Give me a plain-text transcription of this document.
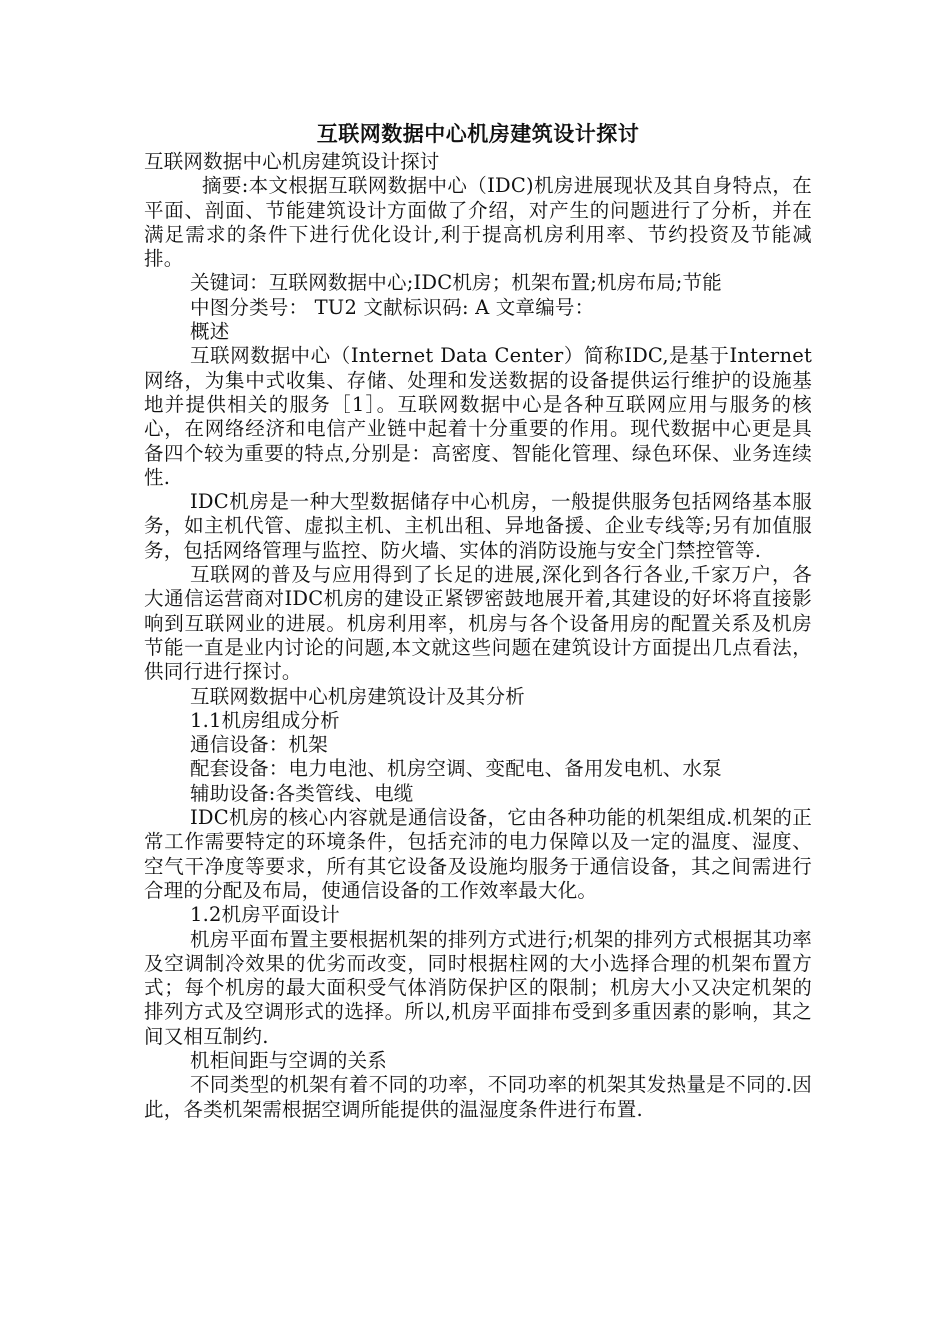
互联网数据中心机房建筑设计探讨

互联网数据中心机房建筑设计探讨

摘要:本文根据互联网数据中心（IDC)机房进展现状及其自身特点，在平面、剖面、节能建筑设计方面做了介绍，对产生的问题进行了分析，并在满足需求的条件下进行优化设计,利于提高机房利用率、节约投资及节能减排。

关键词：互联网数据中心;IDC机房；机架布置;机房布局;节能

中图分类号： TU2 文献标识码: A 文章编号：

概述

互联网数据中心（Internet Data Center）简称IDC,是基于Internet网络，为集中式收集、存储、处理和发送数据的设备提供运行维护的设施基地并提供相关的服务［1］。互联网数据中心是各种互联网应用与服务的核心，在网络经济和电信产业链中起着十分重要的作用。现代数据中心更是具备四个较为重要的特点,分别是：高密度、智能化管理、绿色环保、业务连续性.

IDC机房是一种大型数据储存中心机房，一般提供服务包括网络基本服务，如主机代管、虚拟主机、主机出租、异地备援、企业专线等;另有加值服务，包括网络管理与监控、防火墙、实体的消防设施与安全门禁控管等.

互联网的普及与应用得到了长足的进展,深化到各行各业,千家万户，各大通信运营商对IDC机房的建设正紧锣密鼓地展开着,其建设的好坏将直接影响到互联网业的进展。机房利用率，机房与各个设备用房的配置关系及机房节能一直是业内讨论的问题,本文就这些问题在建筑设计方面提出几点看法，供同行进行探讨。

互联网数据中心机房建筑设计及其分析

1.1机房组成分析

通信设备：机架

配套设备：电力电池、机房空调、变配电、备用发电机、水泵

辅助设备:各类管线、电缆

IDC机房的核心内容就是通信设备，它由各种功能的机架组成.机架的正常工作需要特定的环境条件，包括充沛的电力保障以及一定的温度、湿度、空气干净度等要求，所有其它设备及设施均服务于通信设备，其之间需进行合理的分配及布局，使通信设备的工作效率最大化。

1.2机房平面设计

机房平面布置主要根据机架的排列方式进行;机架的排列方式根据其功率及空调制冷效果的优劣而改变，同时根据柱网的大小选择合理的机架布置方式；每个机房的最大面积受气体消防保护区的限制；机房大小又决定机架的排列方式及空调形式的选择。所以,机房平面排布受到多重因素的影响，其之间又相互制约.

机柜间距与空调的关系

不同类型的机架有着不同的功率，不同功率的机架其发热量是不同的.因此，各类机架需根据空调所能提供的温湿度条件进行布置.
